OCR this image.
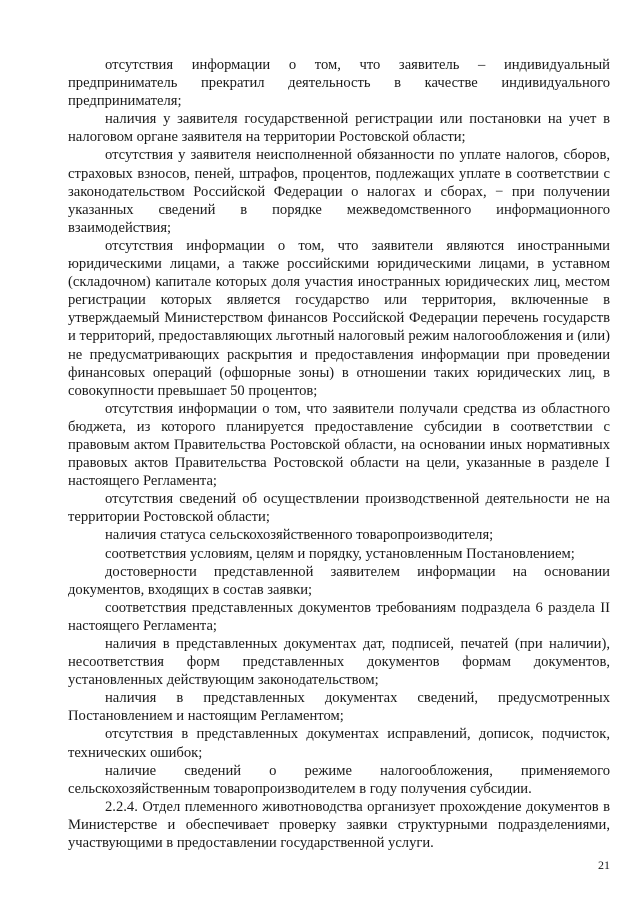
отсутствия информации о том, что заявитель – индивидуальный предприниматель прекратил деятельность в качестве индивидуального предпринимателя;

наличия у заявителя государственной регистрации или постановки на учет в налоговом органе заявителя на территории Ростовской области;

отсутствия у заявителя неисполненной обязанности по уплате налогов, сборов, страховых взносов, пеней, штрафов, процентов, подлежащих уплате в соответствии с законодательством Российской Федерации о налогах и сборах, − при получении указанных сведений в порядке межведомственного информационного взаимодействия;

отсутствия информации о том, что заявители являются иностранными юридическими лицами, а также российскими юридическими лицами, в уставном (складочном) капитале которых доля участия иностранных юридических лиц, местом регистрации которых является государство или территория, включенные в утверждаемый Министерством финансов Российской Федерации перечень государств и территорий, предоставляющих льготный налоговый режим налогообложения и (или) не предусматривающих раскрытия и предоставления информации при проведении финансовых операций (офшорные зоны) в отношении таких юридических лиц, в совокупности превышает 50 процентов;

отсутствия информации о том, что заявители получали средства из областного бюджета, из которого планируется предоставление субсидии в соответствии с правовым актом Правительства Ростовской области, на основании иных нормативных правовых актов Правительства Ростовской области на цели, указанные в разделе I настоящего Регламента;

отсутствия сведений об осуществлении производственной деятельности не на территории Ростовской области;

наличия статуса сельскохозяйственного товаропроизводителя;

соответствия условиям, целям и порядку, установленным Постановлением;

достоверности представленной заявителем информации на основании документов, входящих в состав заявки;

соответствия представленных документов требованиям подраздела 6 раздела II настоящего Регламента;

наличия в представленных документах дат, подписей, печатей (при наличии), несоответствия форм представленных документов формам документов, установленных действующим законодательством;

наличия в представленных документах сведений, предусмотренных Постановлением и настоящим Регламентом;

отсутствия в представленных документах исправлений, дописок, подчисток, технических ошибок;

наличие сведений о режиме налогообложения, применяемого сельскохозяйственным товаропроизводителем в году получения субсидии.

2.2.4. Отдел племенного животноводства организует прохождение документов в Министерстве и обеспечивает проверку заявки структурными подразделениями, участвующими в предоставлении государственной услуги.

21
